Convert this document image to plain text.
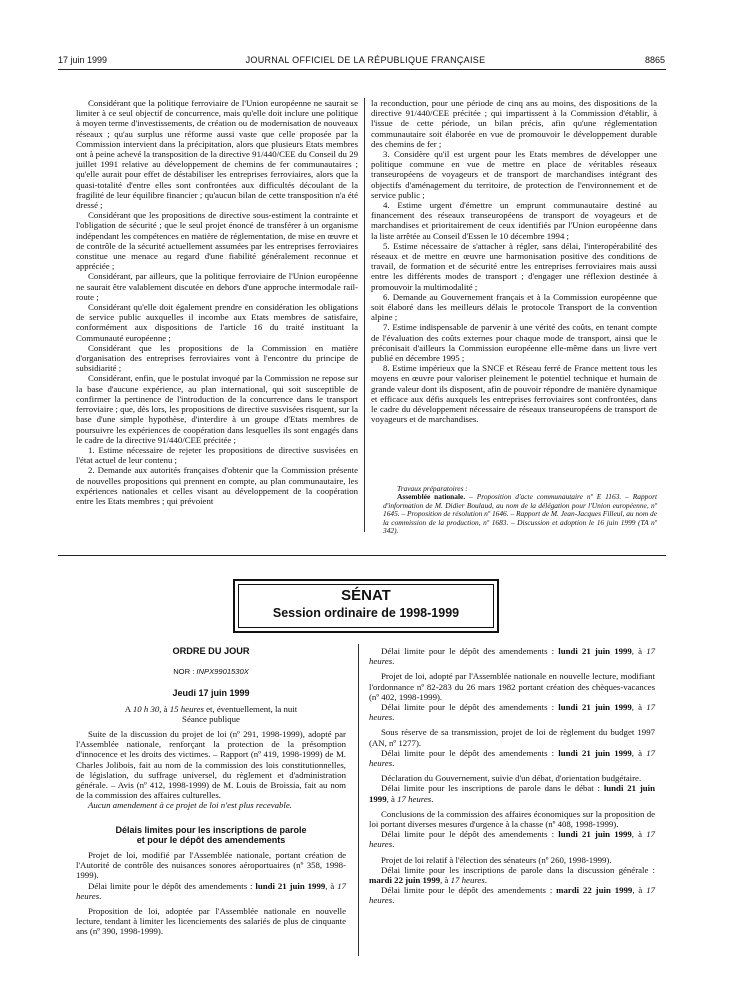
17 juin 1999	JOURNAL OFFICIEL DE LA RÉPUBLIQUE FRANÇAISE	8865

Considérant que la politique ferroviaire de l'Union européenne ne saurait se limiter à ce seul objectif de concurrence, mais qu'elle doit inclure une politique à moyen terme d'investissements, de création ou de modernisation de nouveaux réseaux ; qu'au surplus une réforme aussi vaste que celle proposée par la Commission intervient dans la précipitation, alors que plusieurs Etats membres ont à peine achevé la transposition de la directive 91/440/CEE du Conseil du 29 juillet 1991 relative au développement de chemins de fer communautaires ; qu'elle aurait pour effet de déstabiliser les entreprises ferroviaires, alors que la quasi-totalité d'entre elles sont confrontées aux difficultés découlant de la fragilité de leur équilibre financier ; qu'aucun bilan de cette transposition n'a été dressé ;

Considérant que les propositions de directive sous-estiment la contrainte et l'obligation de sécurité ; que le seul projet énoncé de transférer à un organisme indépendant les compétences en matière de réglementation, de mise en œuvre et de contrôle de la sécurité actuellement assumées par les entreprises ferroviaires constitue une menace au regard d'une fiabilité généralement reconnue et appréciée ;

Considérant, par ailleurs, que la politique ferroviaire de l'Union européenne ne saurait être valablement discutée en dehors d'une approche intermodale rail-route ;

Considérant qu'elle doit également prendre en considération les obligations de service public auxquelles il incombe aux Etats membres de satisfaire, conformément aux dispositions de l'article 16 du traité instituant la Communauté européenne ;

Considérant que les propositions de la Commission en matière d'organisation des entreprises ferroviaires vont à l'encontre du principe de subsidiarité ;

Considérant, enfin, que le postulat invoqué par la Commission ne repose sur la base d'aucune expérience, au plan international, qui soit susceptible de confirmer la pertinence de l'introduction de la concurrence dans le transport ferroviaire ; que, dès lors, les propositions de directive susvisées risquent, sur la base d'une simple hypothèse, d'interdire à un groupe d'Etats membres de poursuivre les expériences de coopération dans lesquelles ils sont engagés dans le cadre de la directive 91/440/CEE précitée ;

1. Estime nécessaire de rejeter les propositions de directive susvisées en l'état actuel de leur contenu ;

2. Demande aux autorités françaises d'obtenir que la Commission présente de nouvelles propositions qui prennent en compte, au plan communautaire, les expériences nationales et celles visant au développement de la coopération entre les Etats membres ; qui prévoient

la reconduction, pour une période de cinq ans au moins, des dispositions de la directive 91/440/CEE précitée ; qui impartissent à la Commission d'établir, à l'issue de cette période, un bilan précis, afin qu'une réglementation communautaire soit élaborée en vue de promouvoir le développement durable des chemins de fer ;

3. Considère qu'il est urgent pour les Etats membres de développer une politique commune en vue de mettre en place de véritables réseaux transeuropéens de voyageurs et de transport de marchandises intégrant des objectifs d'aménagement du territoire, de protection de l'environnement et de service public ;

4. Estime urgent d'émettre un emprunt communautaire destiné au financement des réseaux transeuropéens de transport de voyageurs et de marchandises et prioritairement de ceux identifiés par l'Union européenne dans la liste arrêtée au Conseil d'Essen le 10 décembre 1994 ;

5. Estime nécessaire de s'attacher à régler, sans délai, l'interopérabilité des réseaux et de mettre en œuvre une harmonisation positive des conditions de travail, de formation et de sécurité entre les entreprises ferroviaires mais aussi entre les différents modes de transport ; d'engager une réflexion destinée à promouvoir la multimodalité ;

6. Demande au Gouvernement français et à la Commission européenne que soit élaboré dans les meilleurs délais le protocole Transport de la convention alpine ;

7. Estime indispensable de parvenir à une vérité des coûts, en tenant compte de l'évaluation des coûts externes pour chaque mode de transport, ainsi que le préconisait d'ailleurs la Commission européenne elle-même dans un livre vert publié en décembre 1995 ;

8. Estime impérieux que la SNCF et Réseau ferré de France mettent tous les moyens en œuvre pour valoriser pleinement le potentiel technique et humain de grande valeur dont ils disposent, afin de pouvoir répondre de manière dynamique et efficace aux défis auxquels les entreprises ferroviaires sont confrontées, dans le cadre du développement nécessaire de réseaux transeuropéens de transport de voyageurs et de marchandises.

Travaux préparatoires :
Assemblée nationale. – Proposition d'acte communautaire nº E 1163. – Rapport d'information de M. Didier Boulaud, au nom de la délégation pour l'Union européenne, nº 1645. – Proposition de résolution nº 1646. – Rapport de M. Jean-Jacques Filleul, au nom de la commission de la production, nº 1683. – Discussion et adoption le 16 juin 1999 (TA nº 342).
SÉNAT
Session ordinaire de 1998-1999

ORDRE DU JOUR

NOR : INPX9901530X

Jeudi 17 juin 1999

A 10 h 30, à 15 heures et, éventuellement, la nuit

Séance publique

Suite de la discussion du projet de loi (nº 291, 1998-1999), adopté par l'Assemblée nationale, renforçant la protection de la présomption d'innocence et les droits des victimes. – Rapport (nº 419, 1998-1999) de M. Charles Jolibois, fait au nom de la commission des lois constitutionnelles, de législation, du suffrage universel, du règlement et d'administration générale. – Avis (nº 412, 1998-1999) de M. Louis de Broissia, fait au nom de la commission des affaires culturelles.

Aucun amendement à ce projet de loi n'est plus recevable.

Délais limites pour les inscriptions de parole

et pour le dépôt des amendements

Projet de loi, modifié par l'Assemblée nationale, portant création de l'Autorité de contrôle des nuisances sonores aéroportuaires (nº 358, 1998-1999).

Délai limite pour le dépôt des amendements : lundi 21 juin 1999, à 17 heures.

Proposition de loi, adoptée par l'Assemblée nationale en nouvelle lecture, tendant à limiter les licenciements des salariés de plus de cinquante ans (nº 390, 1998-1999).

Délai limite pour le dépôt des amendements : lundi 21 juin 1999, à 17 heures.

Projet de loi, adopté par l'Assemblée nationale en nouvelle lecture, modifiant l'ordonnance nº 82-283 du 26 mars 1982 portant création des chèques-vacances (nº 402, 1998-1999).

Délai limite pour le dépôt des amendements : lundi 21 juin 1999, à 17 heures.

Sous réserve de sa transmission, projet de loi de règlement du budget 1997 (AN, nº 1277).

Délai limite pour le dépôt des amendements : lundi 21 juin 1999, à 17 heures.

Déclaration du Gouvernement, suivie d'un débat, d'orientation budgétaire.

Délai limite pour les inscriptions de parole dans le débat : lundi 21 juin 1999, à 17 heures.

Conclusions de la commission des affaires économiques sur la proposition de loi portant diverses mesures d'urgence à la chasse (nº 408, 1998-1999).

Délai limite pour le dépôt des amendements : lundi 21 juin 1999, à 17 heures.

Projet de loi relatif à l'élection des sénateurs (nº 260, 1998-1999).

Délai limite pour les inscriptions de parole dans la discussion générale : mardi 22 juin 1999, à 17 heures.

Délai limite pour le dépôt des amendements : mardi 22 juin 1999, à 17 heures.
